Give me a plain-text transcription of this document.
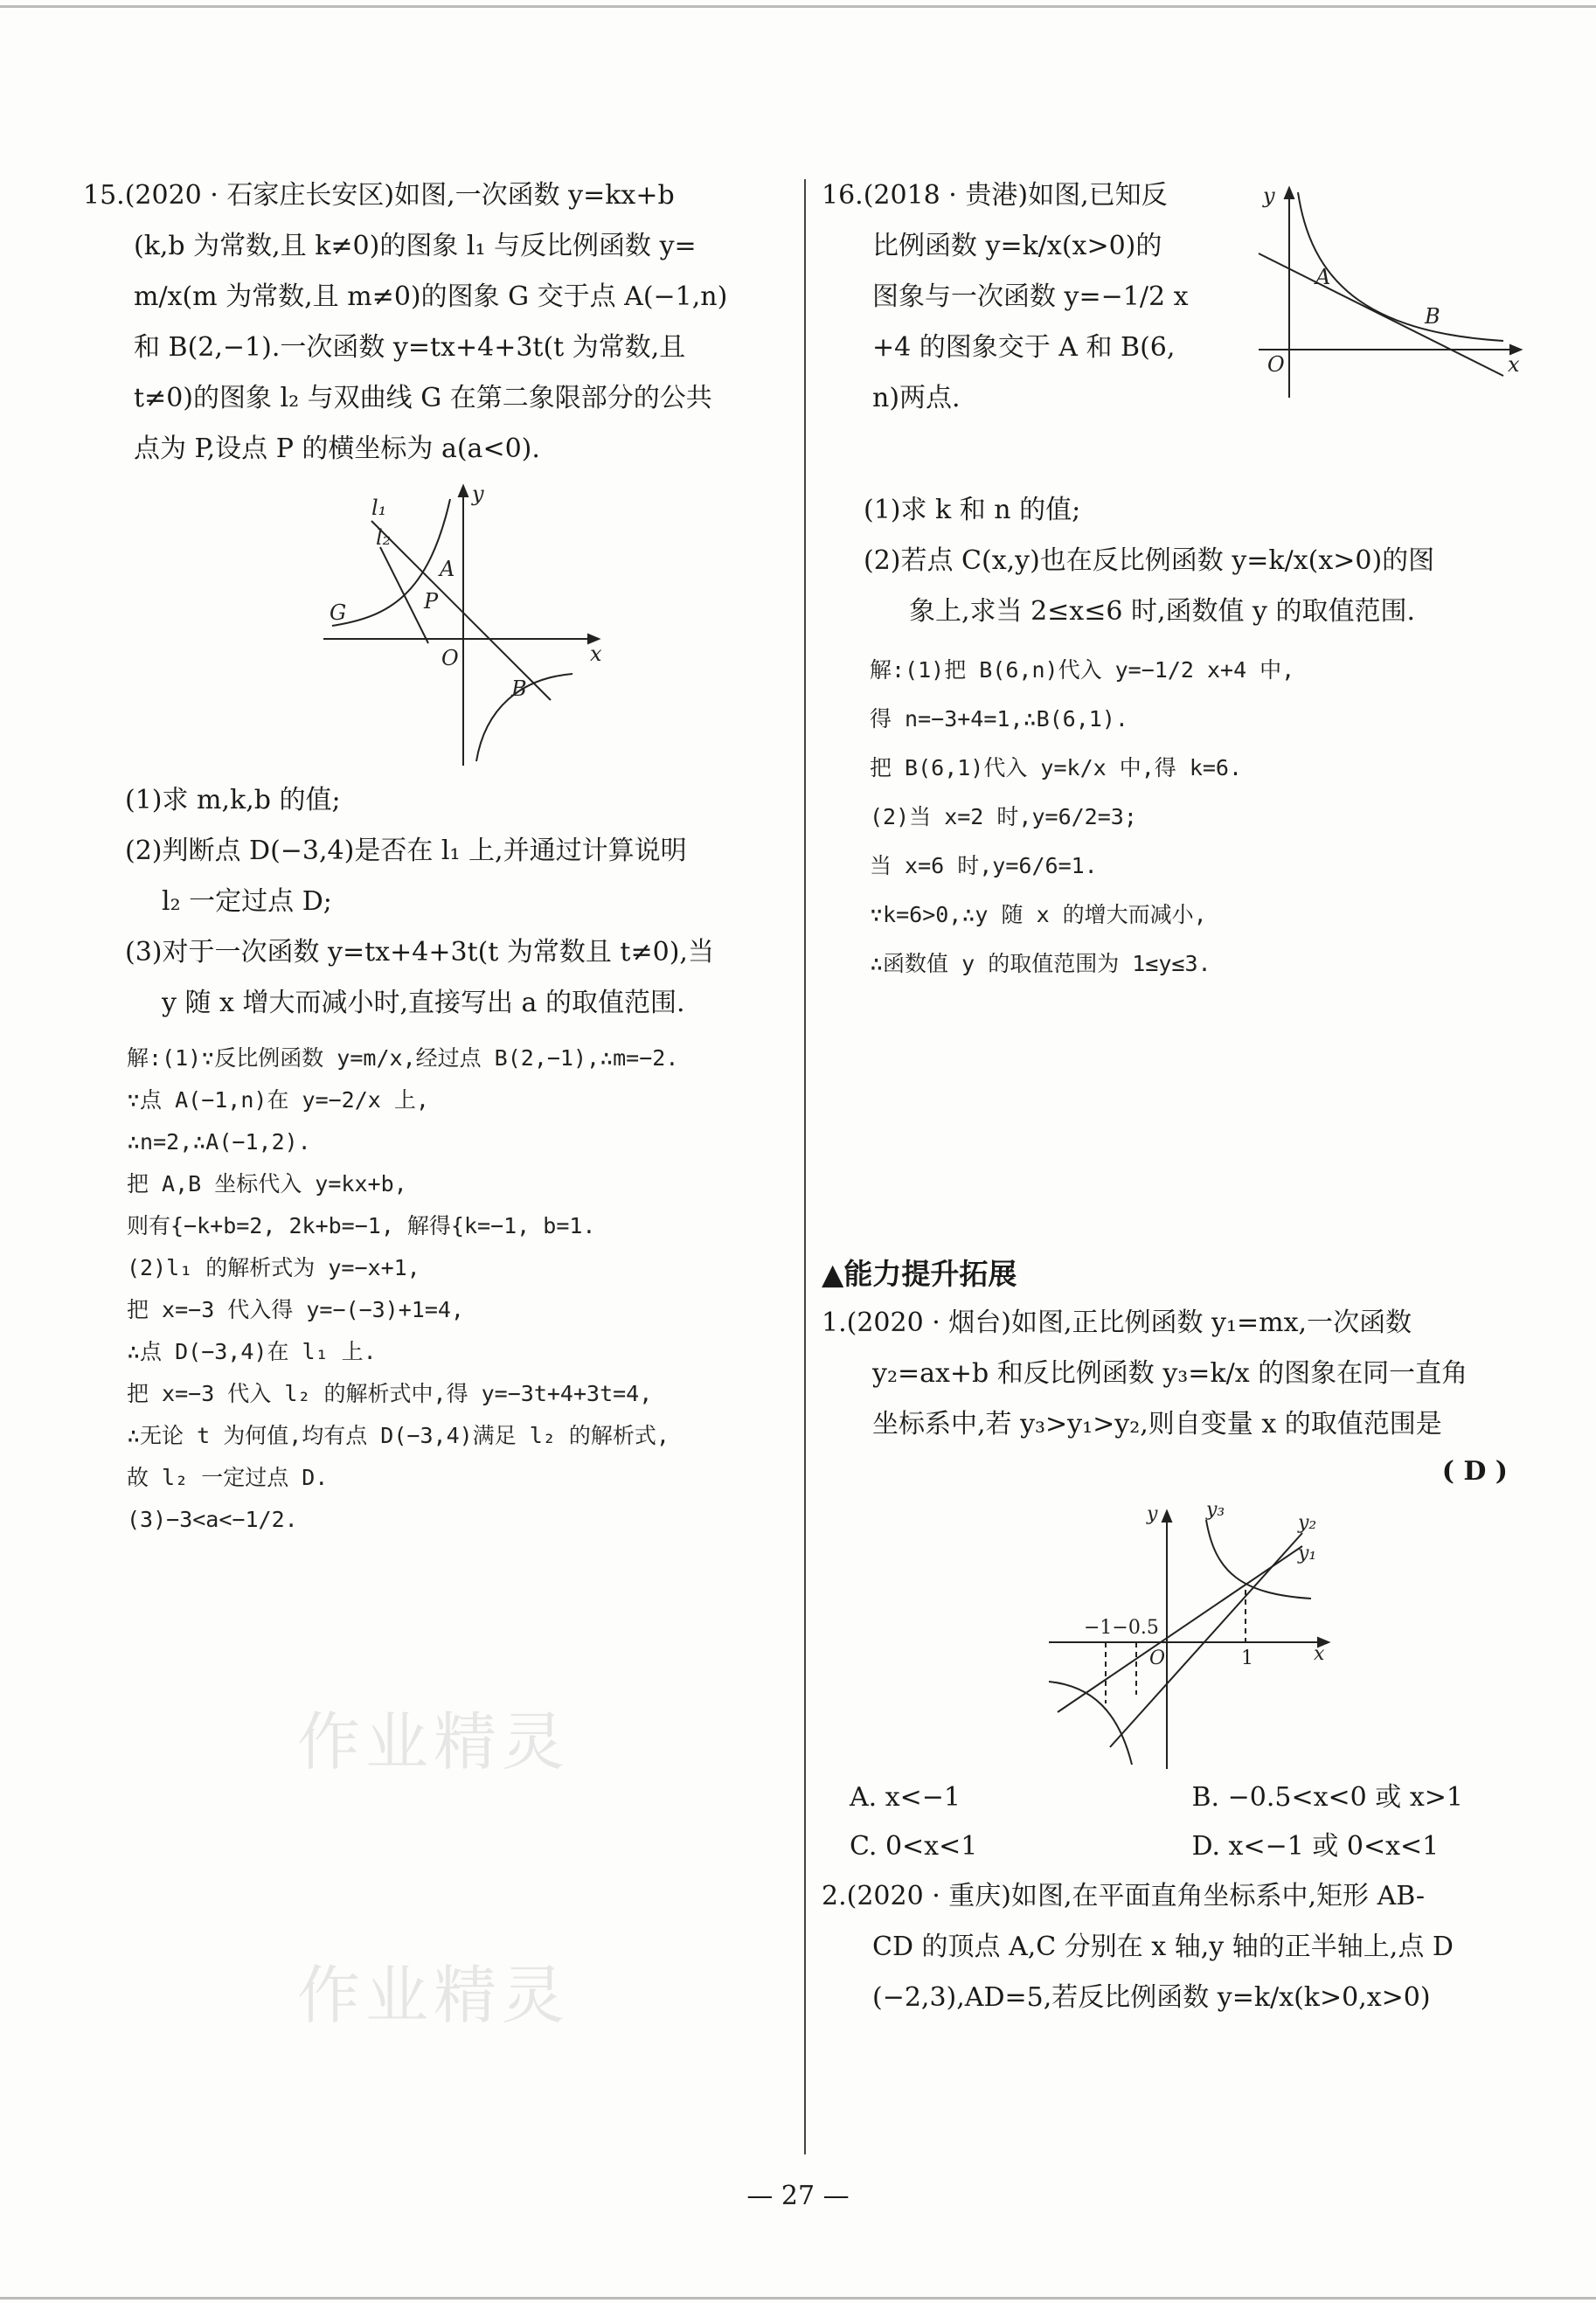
15.(2020 · 石家庄长安区)如图,一次函数 y=kx+b

(k,b 为常数,且 k≠0)的图象 l₁ 与反比例函数 y=

m/x(m 为常数,且 m≠0)的图象 G 交于点 A(−1,n)

和 B(2,−1).一次函数 y=tx+4+3t(t 为常数,且

t≠0)的图象 l₂ 与双曲线 G 在第二象限部分的公共

点为 P,设点 P 的横坐标为 a(a<0).

l₁
l₂
A
P
G
O
B
x
y

(1)求 m,k,b 的值;

(2)判断点 D(−3,4)是否在 l₁ 上,并通过计算说明

l₂ 一定过点 D;

(3)对于一次函数 y=tx+4+3t(t 为常数且 t≠0),当

y 随 x 增大而减小时,直接写出 a 的取值范围.

解:(1)∵反比例函数 y=m/x,经过点 B(2,−1),∴m=−2.

∵点 A(−1,n)在 y=−2/x 上,

∴n=2,∴A(−1,2).

把 A,B 坐标代入 y=kx+b,

则有{−k+b=2, 2k+b=−1, 解得{k=−1, b=1.

(2)l₁ 的解析式为 y=−x+1,

把 x=−3 代入得 y=−(−3)+1=4,

∴点 D(−3,4)在 l₁ 上.

把 x=−3 代入 l₂ 的解析式中,得 y=−3t+4+3t=4,

∴无论 t 为何值,均有点 D(−3,4)满足 l₂ 的解析式,

故 l₂ 一定过点 D.

(3)−3<a<−1/2.

16.(2018 · 贵港)如图,已知反

比例函数 y=k/x(x>0)的

图象与一次函数 y=−1/2 x

+4 的图象交于 A 和 B(6,

n)两点.

A
B
O	x
y

(1)求 k 和 n 的值;

(2)若点 C(x,y)也在反比例函数 y=k/x(x>0)的图

象上,求当 2≤x≤6 时,函数值 y 的取值范围.

解:(1)把 B(6,n)代入 y=−1/2 x+4 中,

得 n=−3+4=1,∴B(6,1).

把 B(6,1)代入 y=k/x 中,得 k=6.

(2)当 x=2 时,y=6/2=3;

当 x=6 时,y=6/6=1.

∵k=6>0,∴y 随 x 的增大而减小,

∴函数值 y 的取值范围为 1≤y≤3.

▲能力提升拓展

1.(2020 · 烟台)如图,正比例函数 y₁=mx,一次函数

y₂=ax+b 和反比例函数 y₃=k/x 的图象在同一直角

坐标系中,若 y₃>y₁>y₂,则自变量 x 的取值范围是

( D )
y₃
y₂
y₁
−1−0.5
O	1	x
y
A. x<−1	B. −0.5<x<0 或 x>1
C. 0<x<1	D. x<−1 或 0<x<1

2.(2020 · 重庆)如图,在平面直角坐标系中,矩形 AB-

CD 的顶点 A,C 分别在 x 轴,y 轴的正半轴上,点 D

(−2,3),AD=5,若反比例函数 y=k/x(k>0,x>0)

作业精灵
作业精灵
— 27 —
